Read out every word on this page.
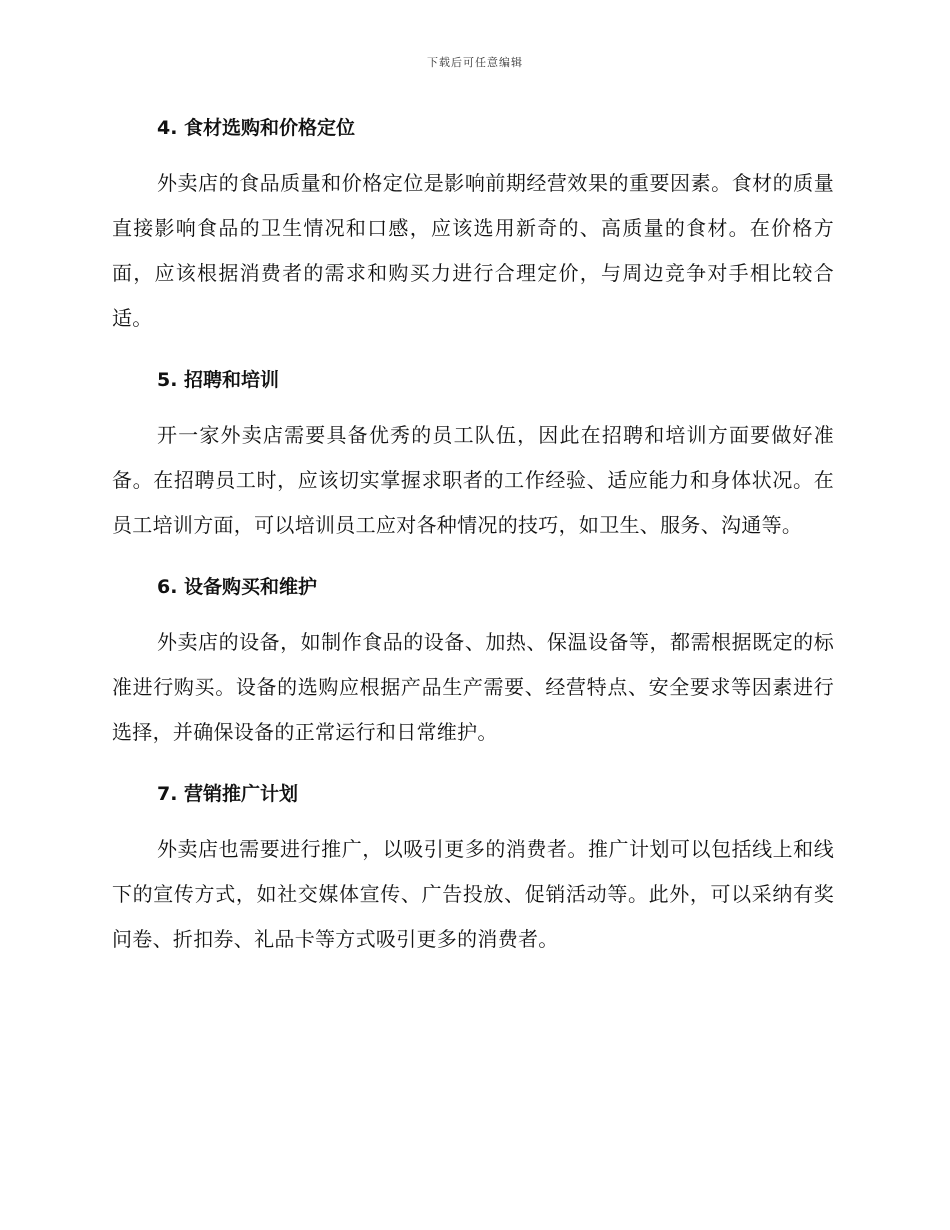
下载后可任意编辑
4. 食材选购和价格定位

外卖店的食品质量和价格定位是影响前期经营效果的重要因素。食材的质量直接影响食品的卫生情况和口感，应该选用新奇的、高质量的食材。在价格方面，应该根据消费者的需求和购买力进行合理定价，与周边竞争对手相比较合适。

5. 招聘和培训

开一家外卖店需要具备优秀的员工队伍，因此在招聘和培训方面要做好准备。在招聘员工时，应该切实掌握求职者的工作经验、适应能力和身体状况。在员工培训方面，可以培训员工应对各种情况的技巧，如卫生、服务、沟通等。

6. 设备购买和维护

外卖店的设备，如制作食品的设备、加热、保温设备等，都需根据既定的标准进行购买。设备的选购应根据产品生产需要、经营特点、安全要求等因素进行选择，并确保设备的正常运行和日常维护。

7. 营销推广计划

外卖店也需要进行推广，以吸引更多的消费者。推广计划可以包括线上和线下的宣传方式，如社交媒体宣传、广告投放、促销活动等。此外，可以采纳有奖问卷、折扣券、礼品卡等方式吸引更多的消费者。
